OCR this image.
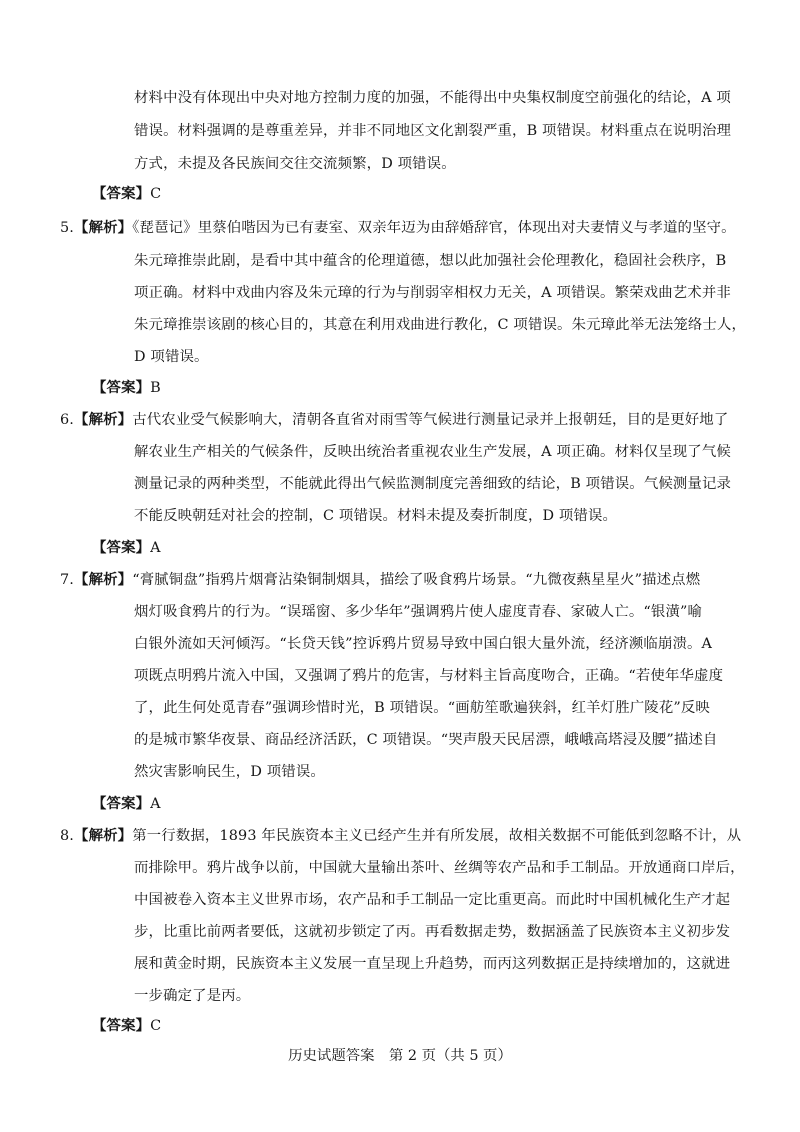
材料中没有体现出中央对地方控制力度的加强，不能得出中央集权制度空前强化的结论，A 项
错误。材料强调的是尊重差异，并非不同地区文化割裂严重，B 项错误。材料重点在说明治理
方式，未提及各民族间交往交流频繁，D 项错误。
【答案】C
5.【解析】《琵琶记》里蔡伯喈因为已有妻室、双亲年迈为由辞婚辞官，体现出对夫妻情义与孝道的坚守。
朱元璋推崇此剧，是看中其中蕴含的伦理道德，想以此加强社会伦理教化，稳固社会秩序，B
项正确。材料中戏曲内容及朱元璋的行为与削弱宰相权力无关，A 项错误。繁荣戏曲艺术并非
朱元璋推崇该剧的核心目的，其意在利用戏曲进行教化，C 项错误。朱元璋此举无法笼络士人，
D 项错误。
【答案】B
6.【解析】古代农业受气候影响大，清朝各直省对雨雪等气候进行测量记录并上报朝廷，目的是更好地了
解农业生产相关的气候条件，反映出统治者重视农业生产发展，A 项正确。材料仅呈现了气候
测量记录的两种类型，不能就此得出气候监测制度完善细致的结论，B 项错误。气候测量记录
不能反映朝廷对社会的控制，C 项错误。材料未提及奏折制度，D 项错误。
【答案】A
7.【解析】“膏腻铜盘”指鸦片烟膏沾染铜制烟具，描绘了吸食鸦片场景。“九微夜爇星星火”描述点燃
烟灯吸食鸦片的行为。“误瑶窗、多少华年”强调鸦片使人虚度青春、家破人亡。“银潢”喻
白银外流如天河倾泻。“长贷天钱”控诉鸦片贸易导致中国白银大量外流，经济濒临崩溃。A
项既点明鸦片流入中国，又强调了鸦片的危害，与材料主旨高度吻合，正确。“若使年华虚度
了，此生何处觅青春”强调珍惜时光，B 项错误。“画舫笙歌遍狭斜，红羊灯胜广陵花”反映
的是城市繁华夜景、商品经济活跃，C 项错误。“哭声殷天民居漂，峨峨高塔浸及腰”描述自
然灾害影响民生，D 项错误。
【答案】A
8.【解析】第一行数据，1893 年民族资本主义已经产生并有所发展，故相关数据不可能低到忽略不计，从
而排除甲。鸦片战争以前，中国就大量输出茶叶、丝绸等农产品和手工制品。开放通商口岸后，
中国被卷入资本主义世界市场，农产品和手工制品一定比重更高。而此时中国机械化生产才起
步，比重比前两者要低，这就初步锁定了丙。再看数据走势，数据涵盖了民族资本主义初步发
展和黄金时期，民族资本主义发展一直呈现上升趋势，而丙这列数据正是持续增加的，这就进
一步确定了是丙。
【答案】C
历史试题答案　第 2 页（共 5 页）
